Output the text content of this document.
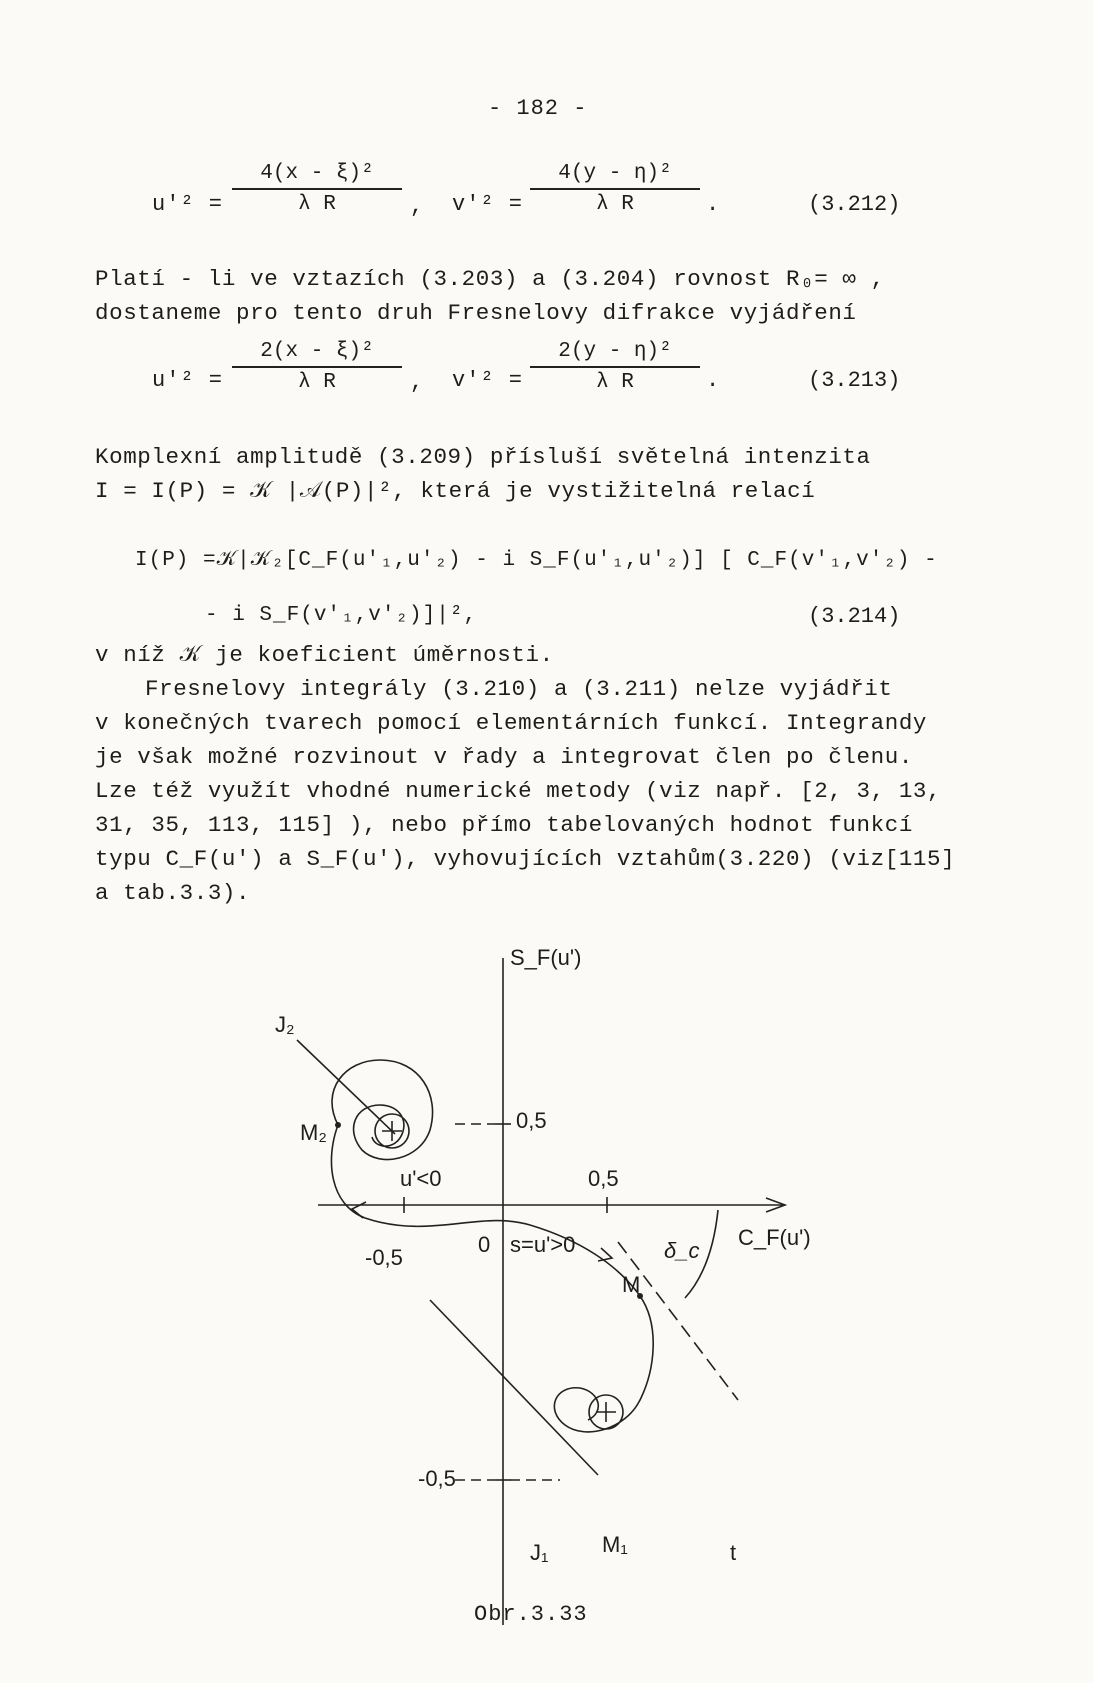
- 182 -
u'² =
4(x - ξ)²
λ R	, v'² =
4(y - η)²
λ R	.	(3.212)

Platí - li ve vztazích (3.203) a (3.204) rovnost R₀= ∞ ,

dostaneme pro tento druh Fresnelovy difrakce vyjádření

u'² =
2(x - ξ)²
λ R	, v'² =
2(y - η)²
λ R	.	(3.213)

Komplexní amplitudě (3.209) přísluší světelná intenzita

I = I(P) = 𝒦 |𝒜(P)|², která je vystižitelná relací

I(P) =𝒦|𝒦₂[C_F(u'₁,u'₂) - i S_F(u'₁,u'₂)] [ C_F(v'₁,v'₂) -
- i S_F(v'₁,v'₂)]|²,	(3.214)

v níž 𝒦 je koeficient úměrnosti.

Fresnelovy integrály (3.210) a (3.211) nelze vyjádřit

v konečných tvarech pomocí elementárních funkcí. Integrandy

je však možné rozvinout v řady a integrovat člen po členu.

Lze též využít vhodné numerické metody (viz např. [2, 3, 13,

31, 35, 113, 115] ), nebo přímo tabelovaných hodnot funkcí

typu C_F(u') a S_F(u'), vyhovujících vztahům(3.220) (viz[115]

a tab.3.3).

S_F(u')
C_F(u')
0,5
-0,5
0,5
-0,5
0
J₂
J₁
M₂
M₁
M
t
u'<0
s=u'>0	δ_c
Obr.3.33
